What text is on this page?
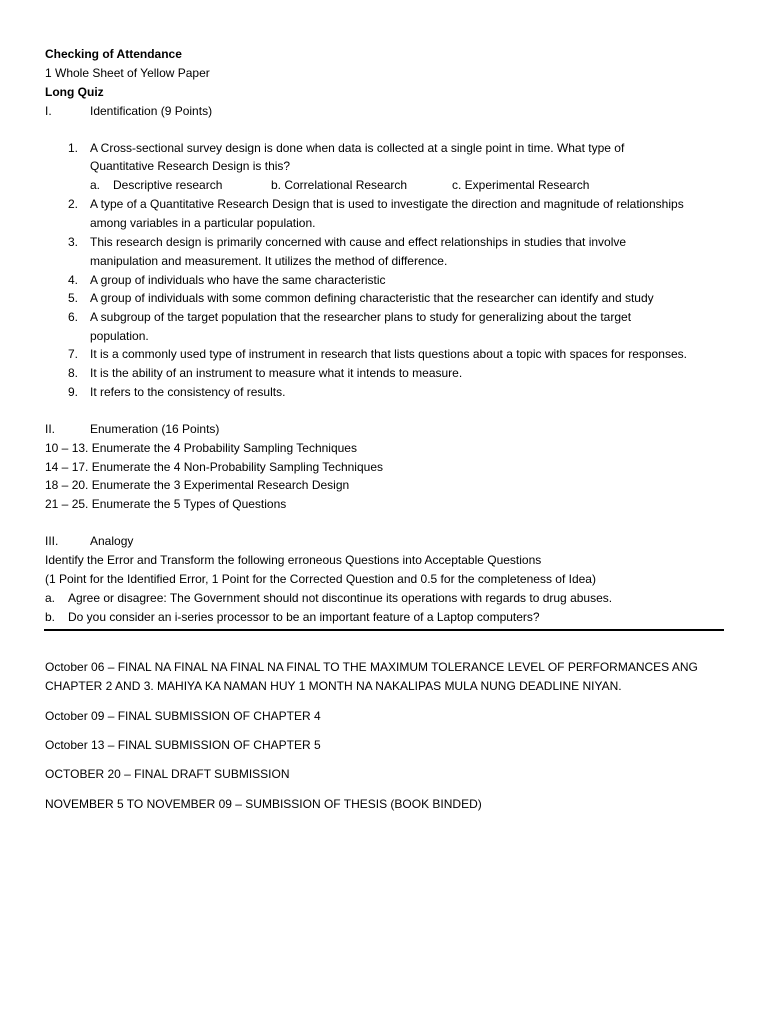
Checking of Attendance
1 Whole Sheet of Yellow Paper
Long Quiz
I.	Identification (9 Points)
1. A Cross-sectional survey design is done when data is collected at a single point in time. What type of
Quantitative Research Design is this?
a. Descriptive research	b. Correlational Research	c. Experimental Research
2. A type of a Quantitative Research Design that is used to investigate the direction and magnitude of relationships
among variables in a particular population.
3. This research design is primarily concerned with cause and effect relationships in studies that involve
manipulation and measurement. It utilizes the method of difference.
4. A group of individuals who have the same characteristic
5. A group of individuals with some common defining characteristic that the researcher can identify and study
6. A subgroup of the target population that the researcher plans to study for generalizing about the target
population.
7. It is a commonly used type of instrument in research that lists questions about a topic with spaces for responses.
8. It is the ability of an instrument to measure what it intends to measure.
9. It refers to the consistency of results.
II.	Enumeration (16 Points)
10 – 13. Enumerate the 4 Probability Sampling Techniques
14 – 17. Enumerate the 4 Non-Probability Sampling Techniques
18 – 20. Enumerate the 3 Experimental Research Design
21 – 25. Enumerate the 5 Types of Questions
III.	Analogy
Identify the Error and Transform the following erroneous Questions into Acceptable Questions
(1 Point for the Identified Error, 1 Point for the Corrected Question and 0.5 for the completeness of Idea)
a. Agree or disagree: The Government should not discontinue its operations with regards to drug abuses.
b. Do you consider an i-series processor to be an important feature of a Laptop computers?
October 06 – FINAL NA FINAL NA FINAL NA FINAL TO THE MAXIMUM TOLERANCE LEVEL OF PERFORMANCES ANG
CHAPTER 2 AND 3. MAHIYA KA NAMAN HUY 1 MONTH NA NAKALIPAS MULA NUNG DEADLINE NIYAN.
October 09 – FINAL SUBMISSION OF CHAPTER 4
October 13 – FINAL SUBMISSION OF CHAPTER 5
OCTOBER 20 – FINAL DRAFT SUBMISSION
NOVEMBER 5 TO NOVEMBER 09 – SUMBISSION OF THESIS (BOOK BINDED)
